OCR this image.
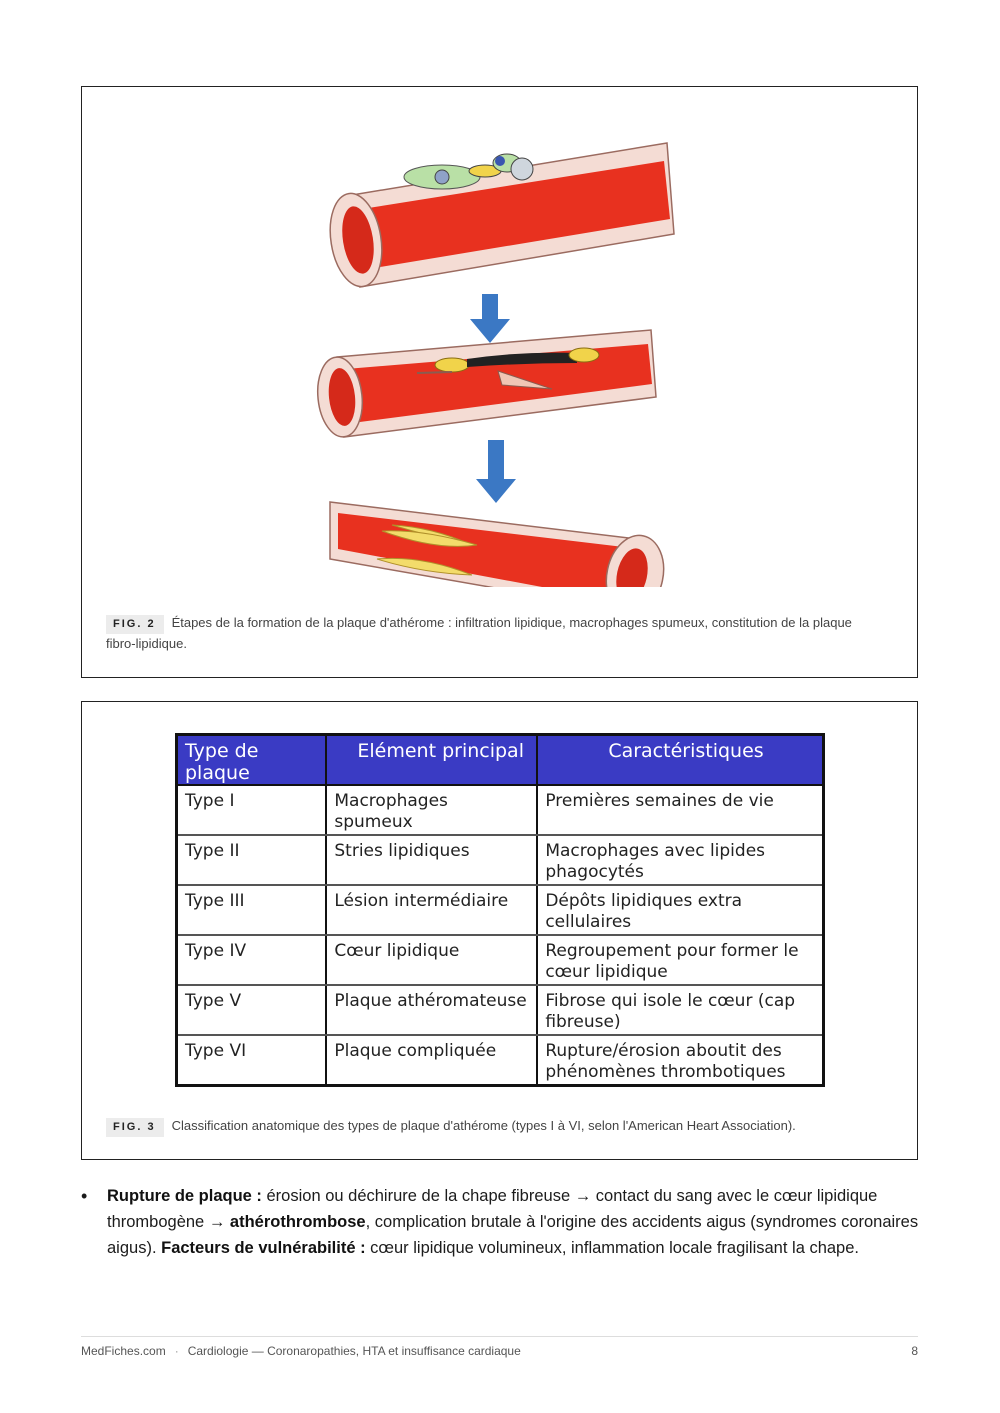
FIG. 2 Étapes de la formation de la plaque d'athérome : infiltration lipidique, macrophages spumeux, constitution de la plaque fibro-lipidique.
Type de plaque	Elément principal	Caractéristiques
Type I	Macrophages spumeux	Premières semaines de vie
Type II	Stries lipidiques	Macrophages avec lipides phagocytés
Type III	Lésion intermédiaire	Dépôts lipidiques extra cellulaires
Type IV	Cœur lipidique	Regroupement pour former le cœur lipidique
Type V	Plaque athéromateuse	Fibrose qui isole le cœur (cap fibreuse)
Type VI	Plaque compliquée	Rupture/érosion aboutit des phénomènes thrombotiques
FIG. 3 Classification anatomique des types de plaque d'athérome (types I à VI, selon l'American Heart Association).
• Rupture de plaque : érosion ou déchirure de la chape fibreuse → contact du sang avec le cœur lipidique thrombogène → athérothrombose, complication brutale à l'origine des accidents aigus (syndromes coronaires aigus). Facteurs de vulnérabilité : cœur lipidique volumineux, inflammation locale fragilisant la chape.

MedFiches.com · Cardiologie — Coronaropathies, HTA et insuffisance cardiaque	8
